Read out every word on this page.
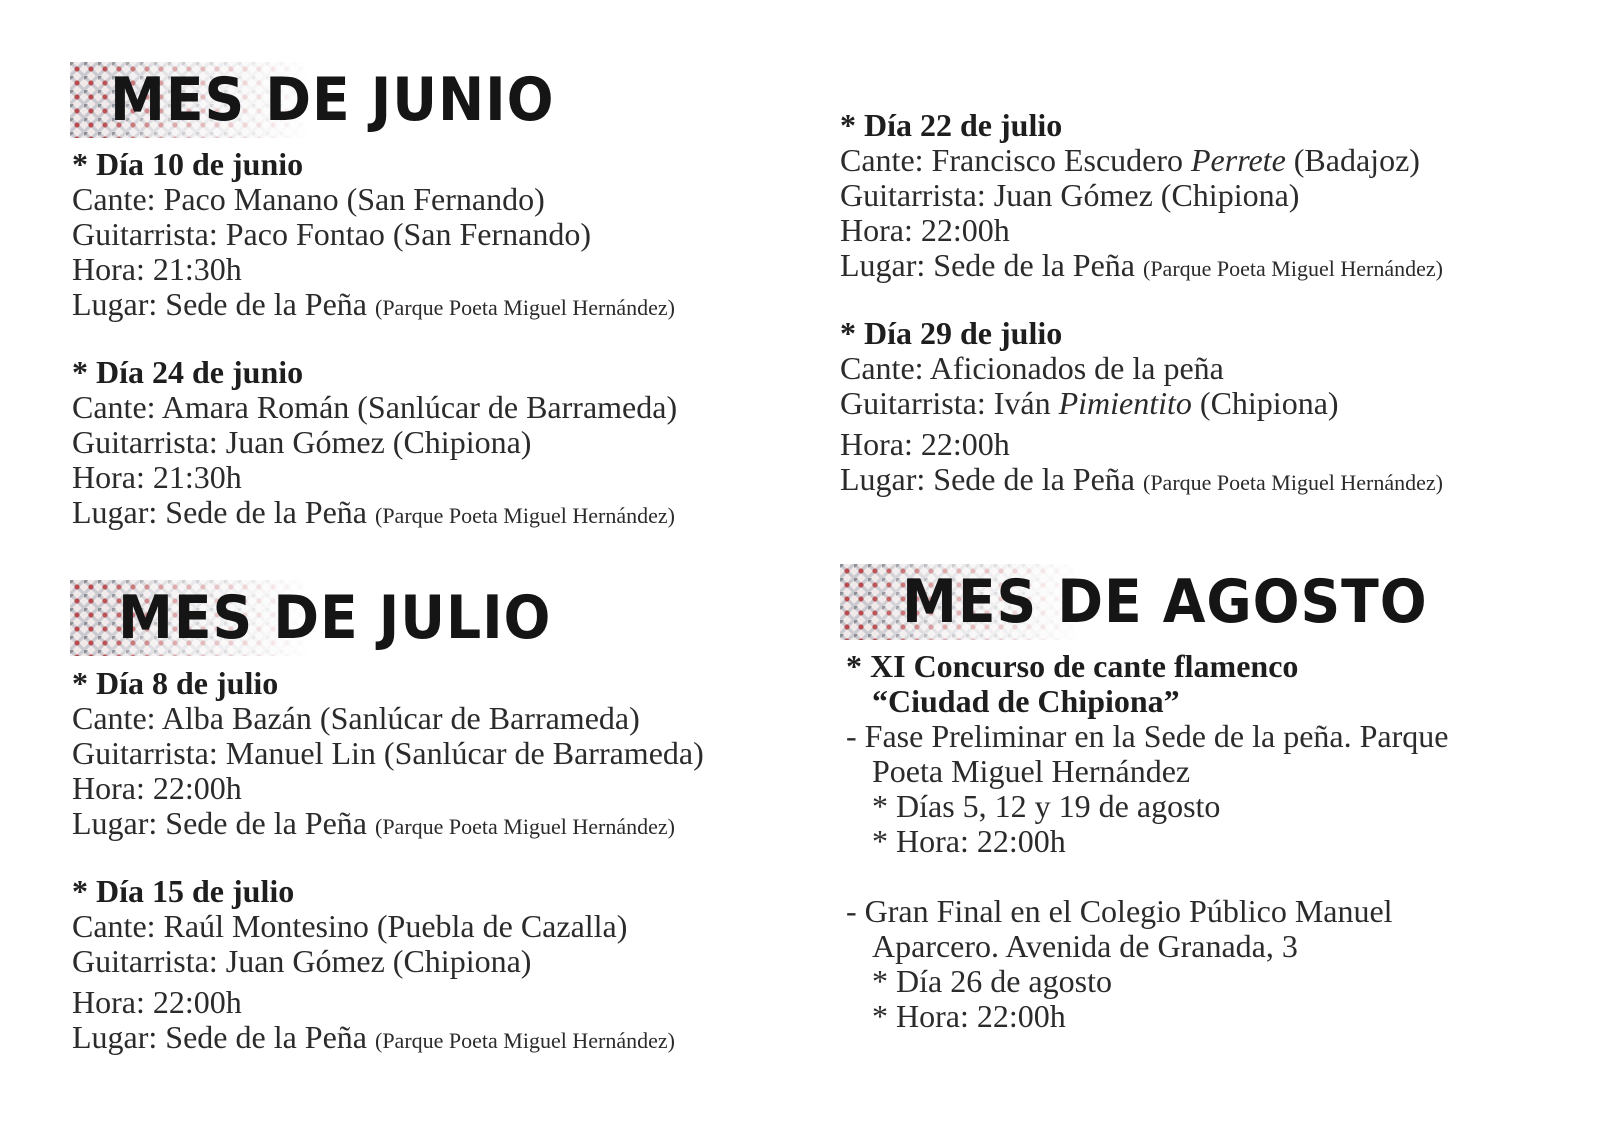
MES DE JUNIO
* Día 10 de junio
Cante: Paco Manano (San Fernando)
Guitarrista: Paco Fontao (San Fernando)
Hora: 21:30h
Lugar: Sede de la Peña (Parque Poeta Miguel Hernández)
* Día 24 de junio
Cante: Amara Román (Sanlúcar de Barrameda)
Guitarrista: Juan Gómez (Chipiona)
Hora: 21:30h
Lugar: Sede de la Peña (Parque Poeta Miguel Hernández)
MES DE JULIO
* Día 8 de julio
Cante: Alba Bazán (Sanlúcar de Barrameda)
Guitarrista: Manuel Lin (Sanlúcar de Barrameda)
Hora: 22:00h
Lugar: Sede de la Peña (Parque Poeta Miguel Hernández)
* Día 15 de julio
Cante: Raúl Montesino (Puebla de Cazalla)
Guitarrista: Juan Gómez (Chipiona)
Hora: 22:00h
Lugar: Sede de la Peña (Parque Poeta Miguel Hernández)
* Día 22 de julio
Cante: Francisco Escudero Perrete (Badajoz)
Guitarrista: Juan Gómez (Chipiona)
Hora: 22:00h
Lugar: Sede de la Peña (Parque Poeta Miguel Hernández)
* Día 29 de julio
Cante: Aficionados de la peña
Guitarrista: Iván Pimientito (Chipiona)
Hora: 22:00h
Lugar: Sede de la Peña (Parque Poeta Miguel Hernández)
MES DE AGOSTO
* XI Concurso de cante flamenco
“Ciudad de Chipiona”
- Fase Preliminar en la Sede de la peña. Parque
Poeta Miguel Hernández
* Días 5, 12 y 19 de agosto
* Hora: 22:00h
- Gran Final en el Colegio Público Manuel
Aparcero. Avenida de Granada, 3
* Día 26 de agosto
* Hora: 22:00h
